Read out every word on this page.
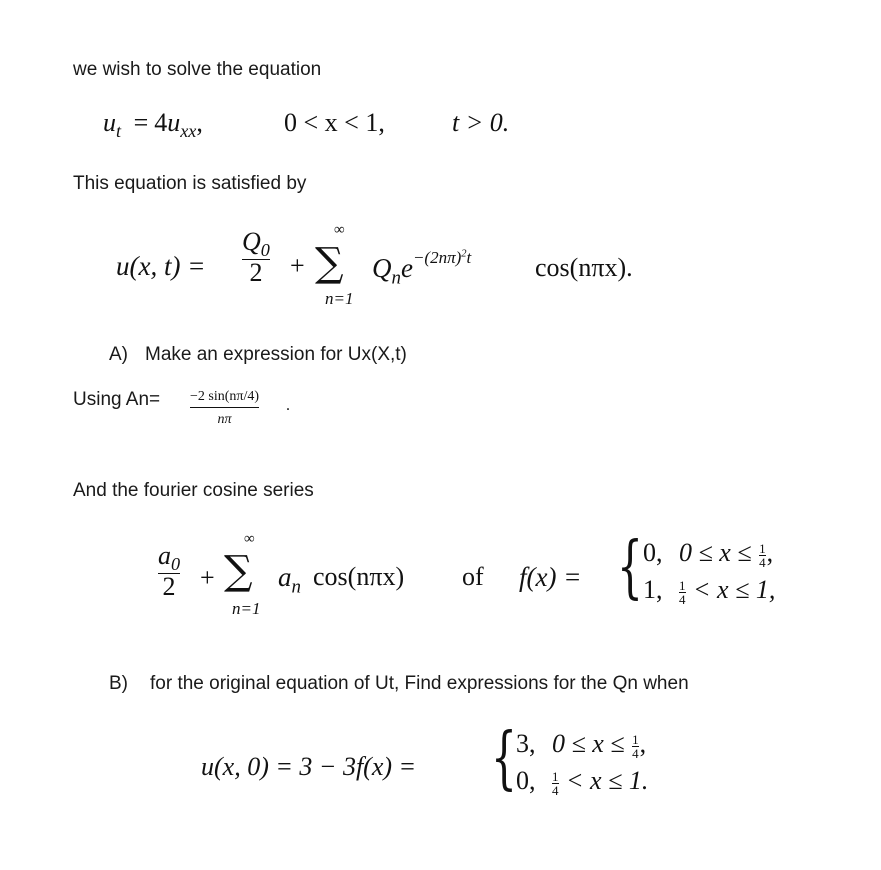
we wish to solve the equation
$u_t = 4u_{xx}$,	0 < x < 1,	t > 0.
This equation is satisfied by
u(x, t) =
$Q_0$
2 +
∞
∑
n=1
$Q_ne^{-(2n\pi)^2t}$ cos(nπx).
A) Make an expression for Ux(X,t)
Using An= −2 sin(nπ/4)
nπ
.
And the fourier cosine series
$a_0$
2 +
∞
∑
n=1
$a_n$ cos(nπx) of f(x) = { 0, $0 \le x \le \frac{1}{4}$ ,
1, $\frac{1}{4} < x \le 1$,
B) for the original equation of Ut, Find expressions for the Qn when
u(x, 0) = 3 − 3f(x) = { 3, $0 \le x \le \frac{1}{4}$ ,
0, $\frac{1}{4} < x \le 1$.
